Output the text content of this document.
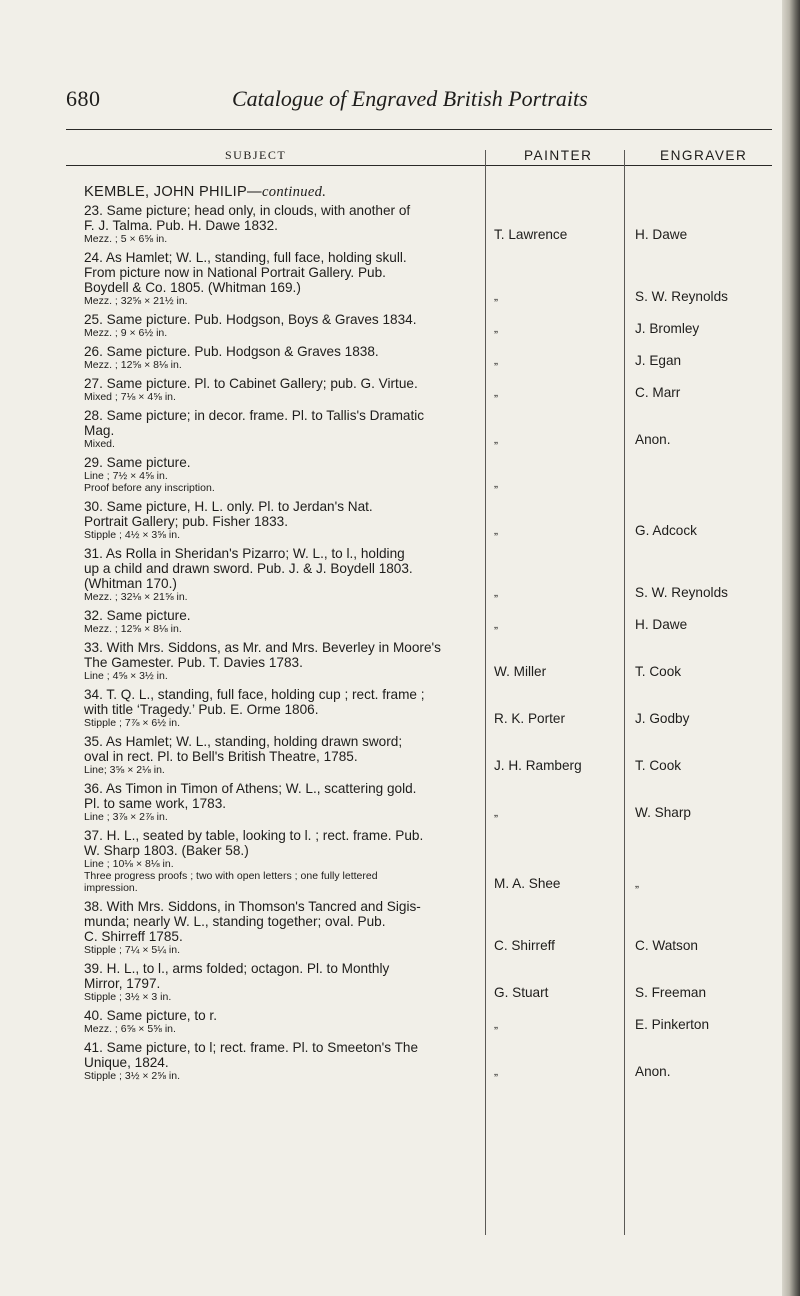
680	Catalogue of Engraved British Portraits
SUBJECT	PAINTER	ENGRAVER
KEMBLE, JOHN PHILIP—continued.
23. Same picture; head only, in clouds, with another of
F. J. Talma. Pub. H. Dawe 1832.
Mezz. ; 5 × 6⅝ in.	T. Lawrence	H. Dawe
24. As Hamlet; W. L., standing, full face, holding skull.
From picture now in National Portrait Gallery. Pub.
Boydell & Co. 1805. (Whitman 169.)
Mezz. ; 32⅝ × 21½ in.	„	S. W. Reynolds
25. Same picture. Pub. Hodgson, Boys & Graves 1834.
Mezz. ; 9 × 6½ in.	„	J. Bromley
26. Same picture. Pub. Hodgson & Graves 1838.
Mezz. ; 12⅝ × 8⅛ in.	„	J. Egan
27. Same picture. Pl. to Cabinet Gallery; pub. G. Virtue.
Mixed ; 7⅛ × 4⅝ in.	„	C. Marr
28. Same picture; in decor. frame. Pl. to Tallis's Dramatic
Mag.
Mixed.	„	Anon.
29. Same picture.
Line ; 7½ × 4⅝ in.
Proof before any inscription.	„
30. Same picture, H. L. only. Pl. to Jerdan's Nat.
Portrait Gallery; pub. Fisher 1833.
Stipple ; 4½ × 3⅝ in.	„	G. Adcock
31. As Rolla in Sheridan's Pizarro; W. L., to l., holding
up a child and drawn sword. Pub. J. & J. Boydell 1803.
(Whitman 170.)
Mezz. ; 32⅛ × 21⅝ in.	„	S. W. Reynolds
32. Same picture.
Mezz. ; 12⅝ × 8⅛ in.	„	H. Dawe
33. With Mrs. Siddons, as Mr. and Mrs. Beverley in Moore's
The Gamester. Pub. T. Davies 1783.
Line ; 4⅝ × 3½ in.	W. Miller	T. Cook
34. T. Q. L., standing, full face, holding cup ; rect. frame ;
with title ‘Tragedy.’ Pub. E. Orme 1806.
Stipple ; 7⅞ × 6½ in.	R. K. Porter	J. Godby
35. As Hamlet; W. L., standing, holding drawn sword;
oval in rect. Pl. to Bell's British Theatre, 1785.
Line; 3⅝ × 2⅛ in.	J. H. Ramberg	T. Cook
36. As Timon in Timon of Athens; W. L., scattering gold.
Pl. to same work, 1783.
Line ; 3⅞ × 2⅞ in.	„	W. Sharp
37. H. L., seated by table, looking to l. ; rect. frame. Pub.
W. Sharp 1803. (Baker 58.)
Line ; 10⅛ × 8⅛ in.
Three progress proofs ; two with open letters ; one fully lettered
impression.	M. A. Shee	„
38. With Mrs. Siddons, in Thomson's Tancred and Sigis-
munda; nearly W. L., standing together; oval. Pub.
C. Shirreff 1785.
Stipple ; 7¼ × 5¼ in.	C. Shirreff	C. Watson
39. H. L., to l., arms folded; octagon. Pl. to Monthly
Mirror, 1797.
Stipple ; 3½ × 3 in.	G. Stuart	S. Freeman
40. Same picture, to r.
Mezz. ; 6⅝ × 5⅝ in.	„	E. Pinkerton
41. Same picture, to l; rect. frame. Pl. to Smeeton's The
Unique, 1824.
Stipple ; 3½ × 2⅝ in.	„	Anon.
